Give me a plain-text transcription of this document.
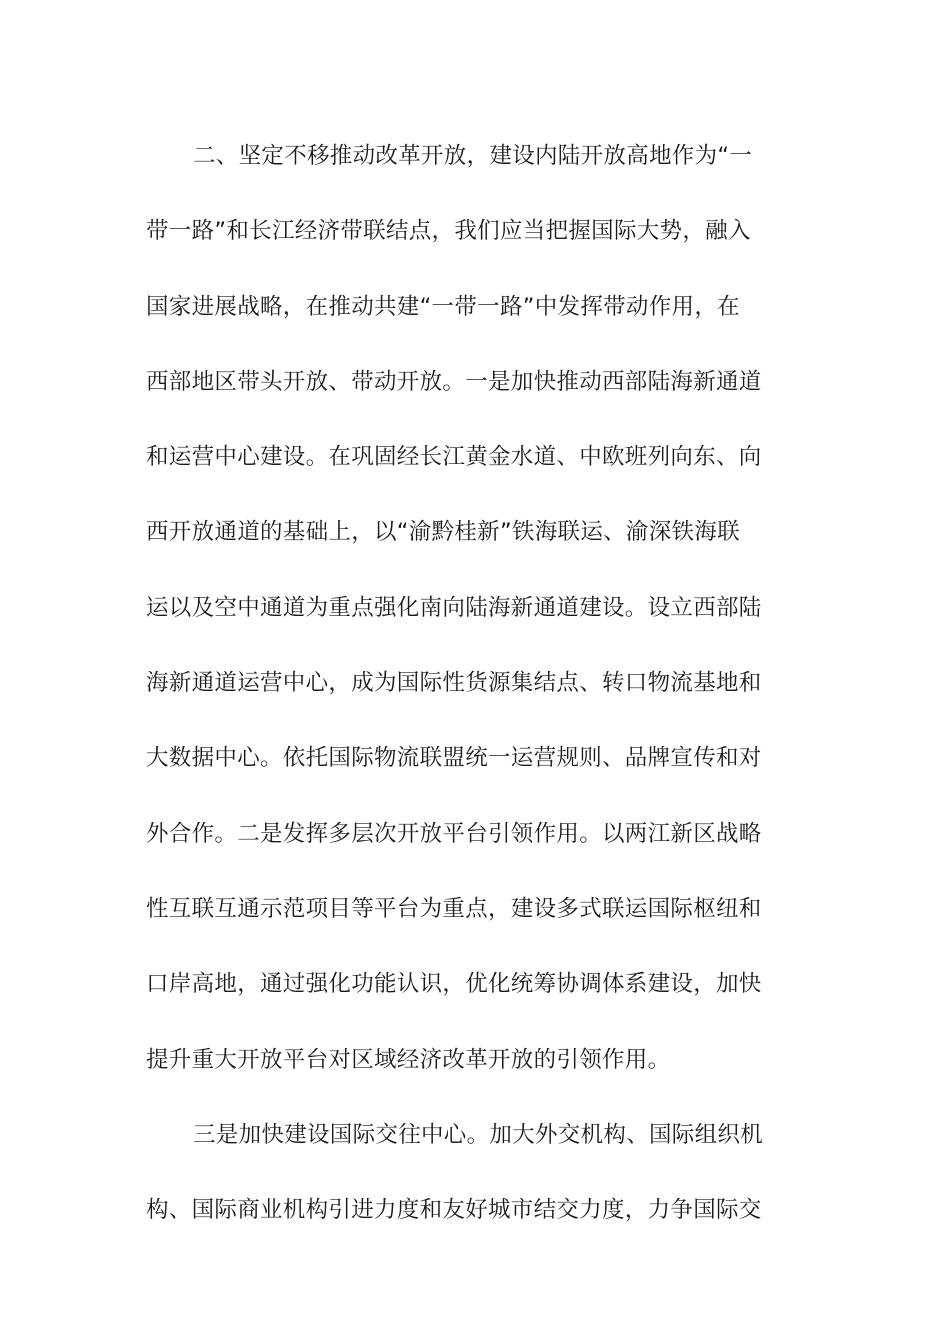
二、坚定不移推动改革开放，建设内陆开放高地作为“一
带一路”和长江经济带联结点，我们应当把握国际大势，融入
国家进展战略，在推动共建“一带一路”中发挥带动作用，在
西部地区带头开放、带动开放。一是加快推动西部陆海新通道
和运营中心建设。在巩固经长江黄金水道、中欧班列向东、向
西开放通道的基础上，以“渝黔桂新”铁海联运、渝深铁海联
运以及空中通道为重点强化南向陆海新通道建设。设立西部陆
海新通道运营中心，成为国际性货源集结点、转口物流基地和
大数据中心。依托国际物流联盟统一运营规则、品牌宣传和对
外合作。二是发挥多层次开放平台引领作用。以两江新区战略
性互联互通示范项目等平台为重点，建设多式联运国际枢纽和
口岸高地，通过强化功能认识，优化统筹协调体系建设，加快
提升重大开放平台对区域经济改革开放的引领作用。
三是加快建设国际交往中心。加大外交机构、国际组织机
构、国际商业机构引进力度和友好城市结交力度，力争国际交
